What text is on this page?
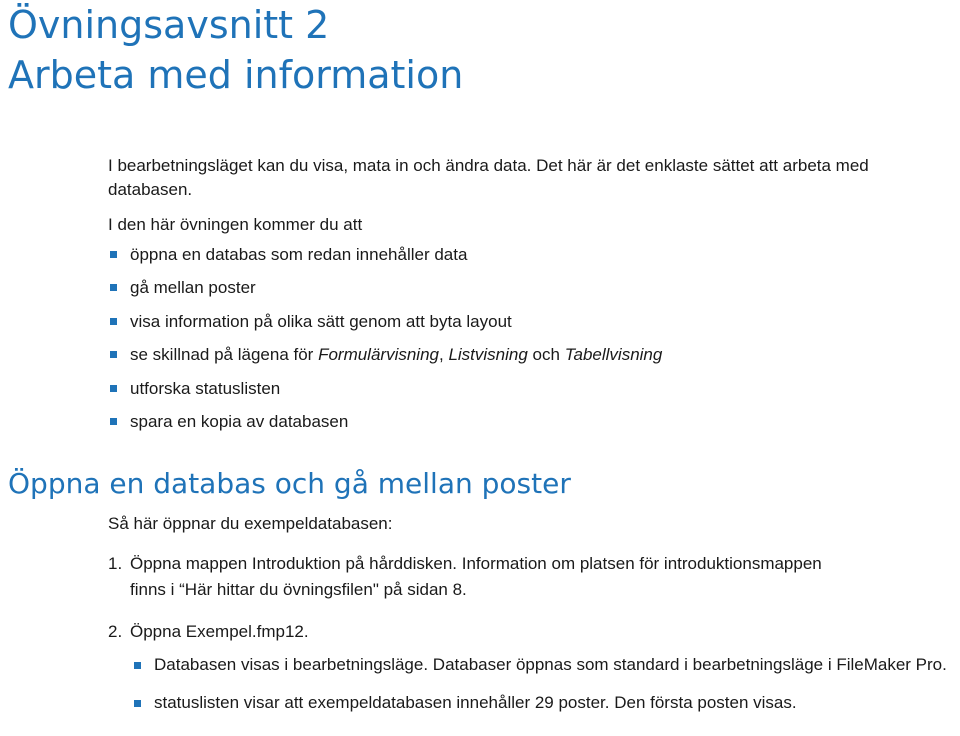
Övningsavsnitt 2
Arbeta med information

I bearbetningsläget kan du visa, mata in och ändra data. Det här är det enklaste sättet att arbeta med databasen.

I den här övningen kommer du att

öppna en databas som redan innehåller data
gå mellan poster
visa information på olika sätt genom att byta layout
se skillnad på lägena för Formulärvisning, Listvisning och Tabellvisning
utforska statuslisten
spara en kopia av databasen
Öppna en databas och gå mellan poster

Så här öppnar du exempeldatabasen:

1. Öppna mappen Introduktion på hårddisken. Information om platsen för introduktionsmappen
finns i “Här hittar du övningsfilen" på sidan 8.
2. Öppna Exempel.fmp12.
Databasen visas i bearbetningsläge. Databaser öppnas som standard i bearbetningsläge i FileMaker Pro.
statuslisten visar att exempeldatabasen innehåller 29 poster. Den första posten visas.
